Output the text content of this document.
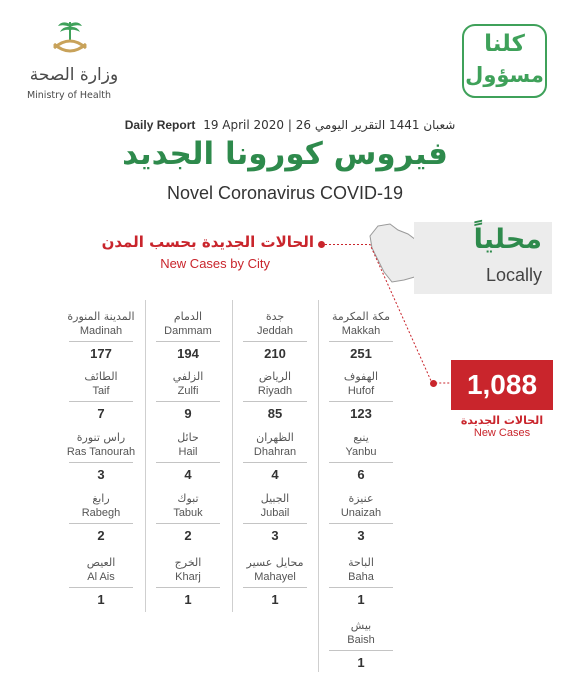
وزارة الصحة
Ministry of Health
كلنا
مسؤول
Daily Report 19 April 2020 | 26 شعبان 1441 التقرير اليومي
فيروس كورونا الجديد
Novel Coronavirus COVID-19
محلياً
Locally
الحالات الجديدة بحسب المدن
New Cases by City
1,088
الحالات الجديدة
New Cases
مكة المكرمة
Makkah
251
جدة
Jeddah
210
الدمام
Dammam
194
المدينة المنورة
Madinah
177
الهفوف
Hufof
123
الرياض
Riyadh
85
الزلفي
Zulfi
9
الطائف
Taif
7
ينبع
Yanbu
6
الظهران
Dhahran
4
حائل
Hail
4
راس تنورة
Ras Tanourah
3
عنيزة
Unaizah
3
الجبيل
Jubail
3
تبوك
Tabuk
2
رابغ
Rabegh
2
الباحة
Baha
1
محايل عسير
Mahayel
1
الخرج
Kharj
1
العيص
Al Ais
1
بيش
Baish
1
